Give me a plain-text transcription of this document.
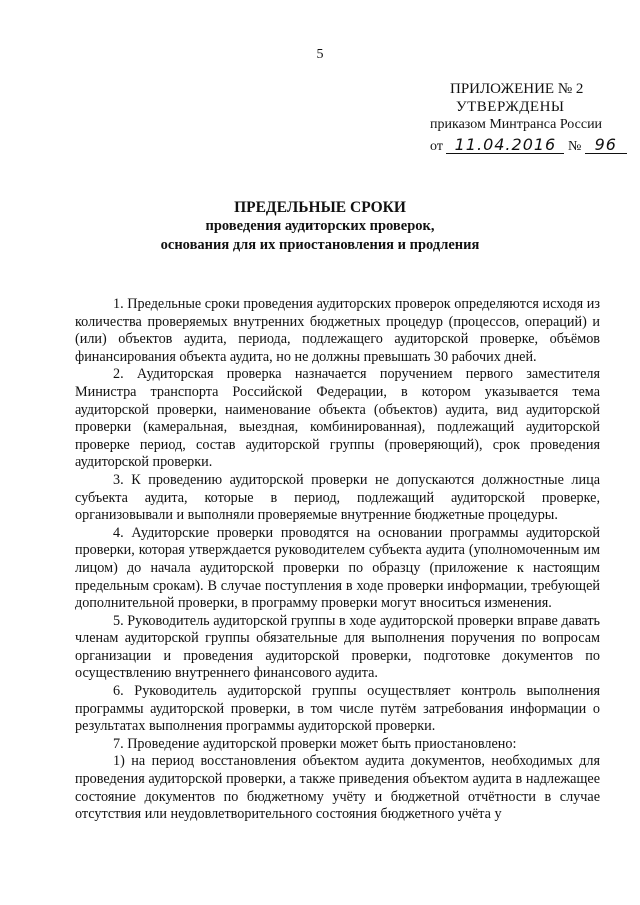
5
ПРИЛОЖЕНИЕ № 2
УТВЕРЖДЕНЫ
приказом Минтранса России
от 11.04.2016 № 96
ПРЕДЕЛЬНЫЕ СРОКИ
проведения аудиторских проверок,
основания для их приостановления и продления

1. Предельные сроки проведения аудиторских проверок определяются исходя из количества проверяемых внутренних бюджетных процедур (процессов, операций) и (или) объектов аудита, периода, подлежащего аудиторской проверке, объёмов финансирования объекта аудита, но не должны превышать 30 рабочих дней.

2. Аудиторская проверка назначается поручением первого заместителя Министра транспорта Российской Федерации, в котором указывается тема аудиторской проверки, наименование объекта (объектов) аудита, вид аудиторской проверки (камеральная, выездная, комбинированная), подлежащий аудиторской проверке период, состав аудиторской группы (проверяющий), срок проведения аудиторской проверки.

3. К проведению аудиторской проверки не допускаются должностные лица субъекта аудита, которые в период, подлежащий аудиторской проверке, организовывали и выполняли проверяемые внутренние бюджетные процедуры.

4. Аудиторские проверки проводятся на основании программы аудиторской проверки, которая утверждается руководителем субъекта аудита (уполномоченным им лицом) до начала аудиторской проверки по образцу (приложение к настоящим предельным срокам). В случае поступления в ходе проверки информации, требующей дополнительной проверки, в программу проверки могут вноситься изменения.

5. Руководитель аудиторской группы в ходе аудиторской проверки вправе давать членам аудиторской группы обязательные для выполнения поручения по вопросам организации и проведения аудиторской проверки, подготовке документов по осуществлению внутреннего финансового аудита.

6. Руководитель аудиторской группы осуществляет контроль выполнения программы аудиторской проверки, в том числе путём затребования информации о результатах выполнения программы аудиторской проверки.

7. Проведение аудиторской проверки может быть приостановлено:

1) на период восстановления объектом аудита документов, необходимых для проведения аудиторской проверки, а также приведения объектом аудита в надлежащее состояние документов по бюджетному учёту и бюджетной отчётности в случае отсутствия или неудовлетворительного состояния бюджетного учёта у
